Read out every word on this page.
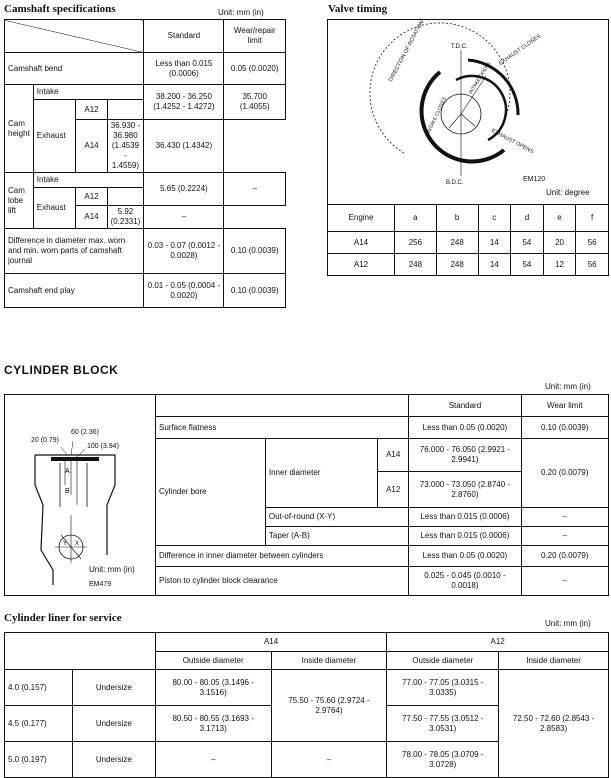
Camshaft specifications	Unit: mm (in)
				Standard	Wear/repair limit
Camshaft bend				Less than 0.015 (0.0006)	0.05 (0.0020)
Cam height	Intake			38.200 - 36.250 (1.4252 - 1.4272)	35.700 (1.4055)
	Exhaust	A12			
		A14	36.930 - 36.980 (1.4539 - 1.4559)	36.430 (1.4342)	
Cam lobe lift	Intake			5.65 (0.2224)	–
	Exhaust	A12			
		A14	5.92 (0.2331)	–	
Difference in diameter max. worn and min. worn parts of camshaft journal				0.03 - 0.07 (0.0012 - 0.0028)	0.10 (0.0039)
Camshaft end play				0.01 - 0.05 (0.0004 - 0.0020)	0.10 (0.0039)
Valve timing
T.D.C.
B.D.C.
DIRECTION OF ROTATION	EXHAUST CLOSES
EXHAUST OPENS
INTAKE OPENS
INTAKE CLOSES
EM120
Unit: degree
Engine	a	b	c	d	e	f
A14	256	248	14	54	20	56
A12	248	248	14	54	12	56
CYLINDER BLOCK
Unit: mm (in)
A
B
Y X
20 (0.79)
60 (2.36)
100 (3.94)
Unit: mm (in)
EM479
			Standard	Wear limit
Surface flatness			Less than 0.05 (0.0020)	0.10 (0.0039)
Cylinder bore	Inner diameter	A14	76.000 - 76.050 (2.9921 - 2.9941)	0.20 (0.0079)
		A12	73.000 - 73.050 (2.8740 - 2.8760)	
	Out-of-round (X-Y)		Less than 0.015 (0.0006)	–
	Taper (A-B)		Less than 0.015 (0.0006)	–
Difference in inner diameter between cylinders			Less than 0.05 (0.0020)	0.20 (0.0079)
Piston to cylinder block clearance			0.025 - 0.045 (0.0010 - 0.0018)	–
Cylinder liner for service	Unit: mm (in)
		A14		A12	
		Outside diameter	Inside diameter	Outside diameter	Inside diameter
4.0 (0.157)	Undersize	80.00 - 80.05 (3.1496 - 3.1516)	75.50 - 75.60 (2.9724 - 2.9764)	77.00 - 77.05 (3.0315 - 3.0335)	72.50 - 72.60 (2.8543 - 2.8583)
4.5 (0.177)	Undersize	80.50 - 80.55 (3.1693 - 3.1713)		77.50 - 77.55 (3.0512 - 3.0531)	
5.0 (0.197)	Undersize	–	–	78.00 - 78.05 (3.0709 - 3.0728)	
